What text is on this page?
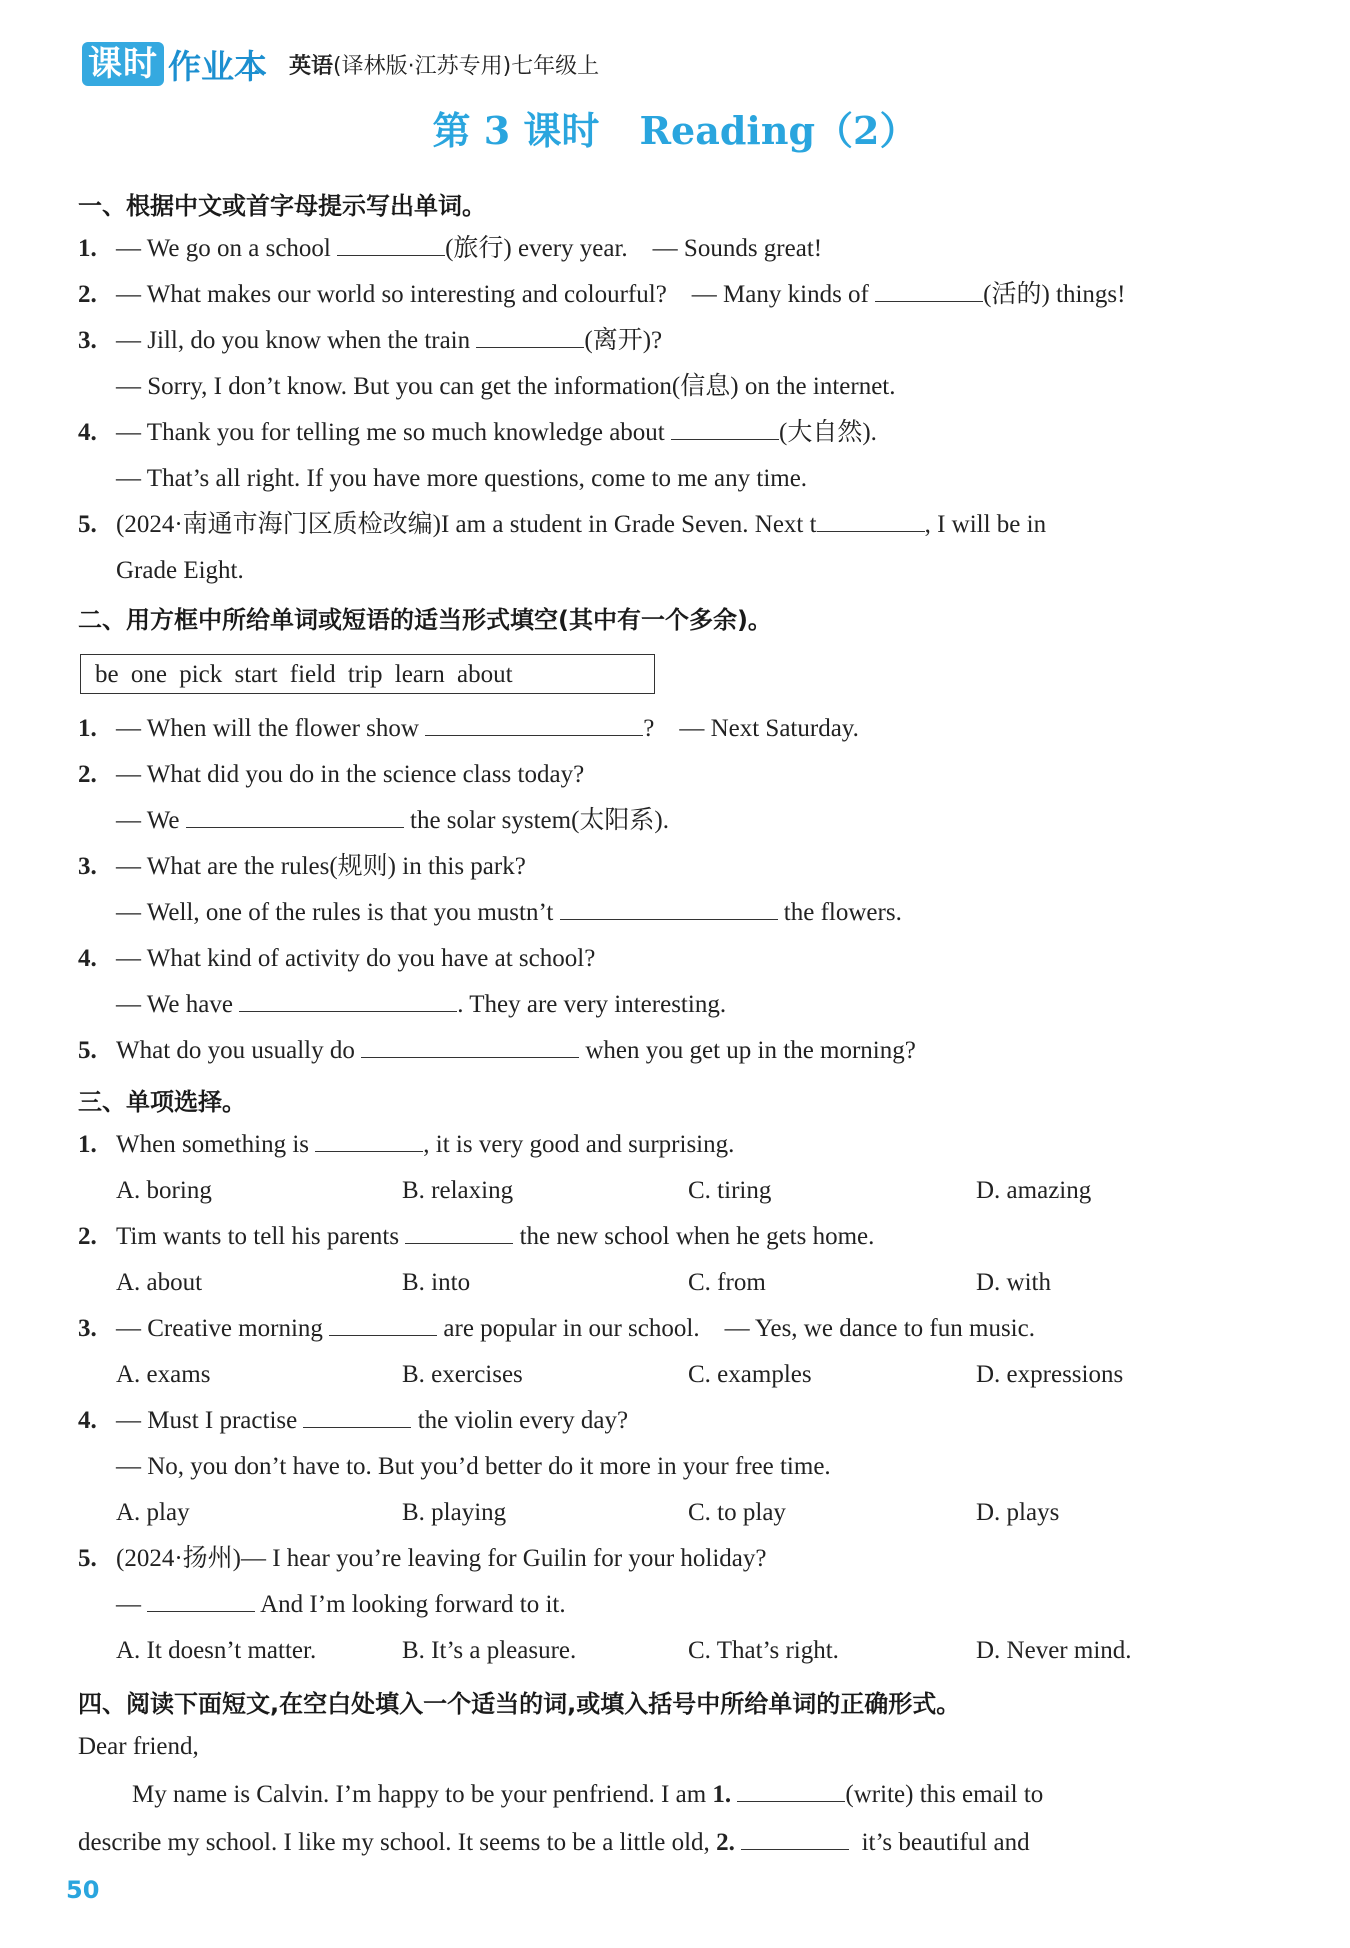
课时 作业本 英语(译林版·江苏专用)七年级上
第 3 课时 Reading（2）
一、根据中文或首字母提示写出单词。
1. — We go on a school	(旅行) every year. — Sounds great!
2. — What makes our world so interesting and colourful? — Many kinds of	(活的) things!
3. — Jill, do you know when the train	(离开)?
— Sorry, I don’t know. But you can get the information(信息) on the internet.
4. — Thank you for telling me so much knowledge about	(大自然).
— That’s all right. If you have more questions, come to me any time.
5. (2024·南通市海门区质检改编)I am a student in Grade Seven. Next t	, I will be in
Grade Eight.
二、用方框中所给单词或短语的适当形式填空(其中有一个多余)。
be one pick start field trip learn about
1. — When will the flower show	? — Next Saturday.
2. — What did you do in the science class today?
— We	the solar system(太阳系).
3. — What are the rules(规则) in this park?
— Well, one of the rules is that you mustn’t	the flowers.
4. — What kind of activity do you have at school?
— We have	. They are very interesting.
5. What do you usually do	when you get up in the morning?
三、单项选择。
1. When something is	, it is very good and surprising.
A. boring	B. relaxing	C. tiring	D. amazing
2. Tim wants to tell his parents	the new school when he gets home.
A. about	B. into	C. from	D. with
3. — Creative morning	are popular in our school. — Yes, we dance to fun music.
A. exams	B. exercises	C. examples	D. expressions
4. — Must I practise	the violin every day?
— No, you don’t have to. But you’d better do it more in your free time.
A. play	B. playing	C. to play	D. plays
5. (2024·扬州)— I hear you’re leaving for Guilin for your holiday?
—	And I’m looking forward to it.
A. It doesn’t matter.	B. It’s a pleasure.	C. That’s right.	D. Never mind.
四、阅读下面短文,在空白处填入一个适当的词,或填入括号中所给单词的正确形式。
Dear friend,
My name is Calvin. I’m happy to be your penfriend. I am 1.	(write) this email to
describe my school. I like my school. It seems to be a little old, 2.	it’s beautiful and
50
